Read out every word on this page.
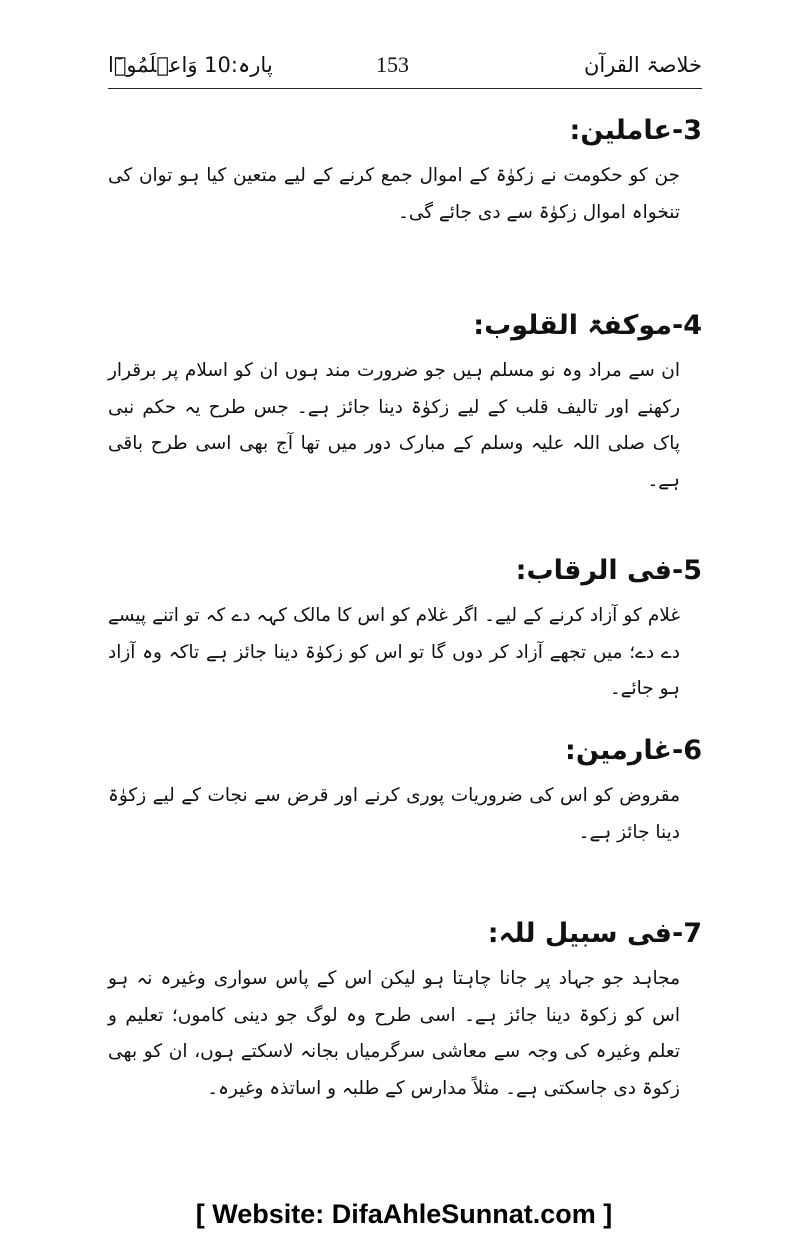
خلاصۃ القرآن
153
پارہ:10 وَاعۡلَمُوۡٓا

3-عاملین:

جن کو حکومت نے زکوٰۃ کے اموال جمع کرنے کے لیے متعین کیا ہو توان کی تنخواہ اموال زکوٰۃ سے دی جائے گی۔

4-موکفۃ القلوب:

ان سے مراد وہ نو مسلم ہیں جو ضرورت مند ہوں ان کو اسلام پر برقرار رکھنے اور تالیف قلب کے لیے زکوٰۃ دینا جائز ہے۔ جس طرح یہ حکم نبی پاک صلی اللہ علیہ وسلم کے مبارک دور میں تھا آج بھی اسی طرح باقی ہے۔

5-فی الرقاب:

غلام کو آزاد کرنے کے لیے۔ اگر غلام کو اس کا مالک کہہ دے کہ تو اتنے پیسے دے دے؛ میں تجھے آزاد کر دوں گا تو اس کو زکوٰۃ دینا جائز ہے تاکہ وہ آزاد ہو جائے۔

6-غارمین:

مقروض کو اس کی ضروریات پوری کرنے اور قرض سے نجات کے لیے زکوٰۃ دینا جائز ہے۔

7-فی سبیل للہ:

مجاہد جو جہاد پر جانا چاہتا ہو لیکن اس کے پاس سواری وغیرہ نہ ہو اس کو زکوۃ دینا جائز ہے۔ اسی طرح وہ لوگ جو دینی کاموں؛ تعلیم و تعلم وغیرہ کی وجہ سے معاشی سرگرمیاں بجانہ لاسکتے ہوں، ان کو بھی زکوۃ دی جاسکتی ہے۔ مثلاً مدارس کے طلبہ و اساتذہ وغیرہ۔

[ Website: DifaAhleSunnat.com ]
